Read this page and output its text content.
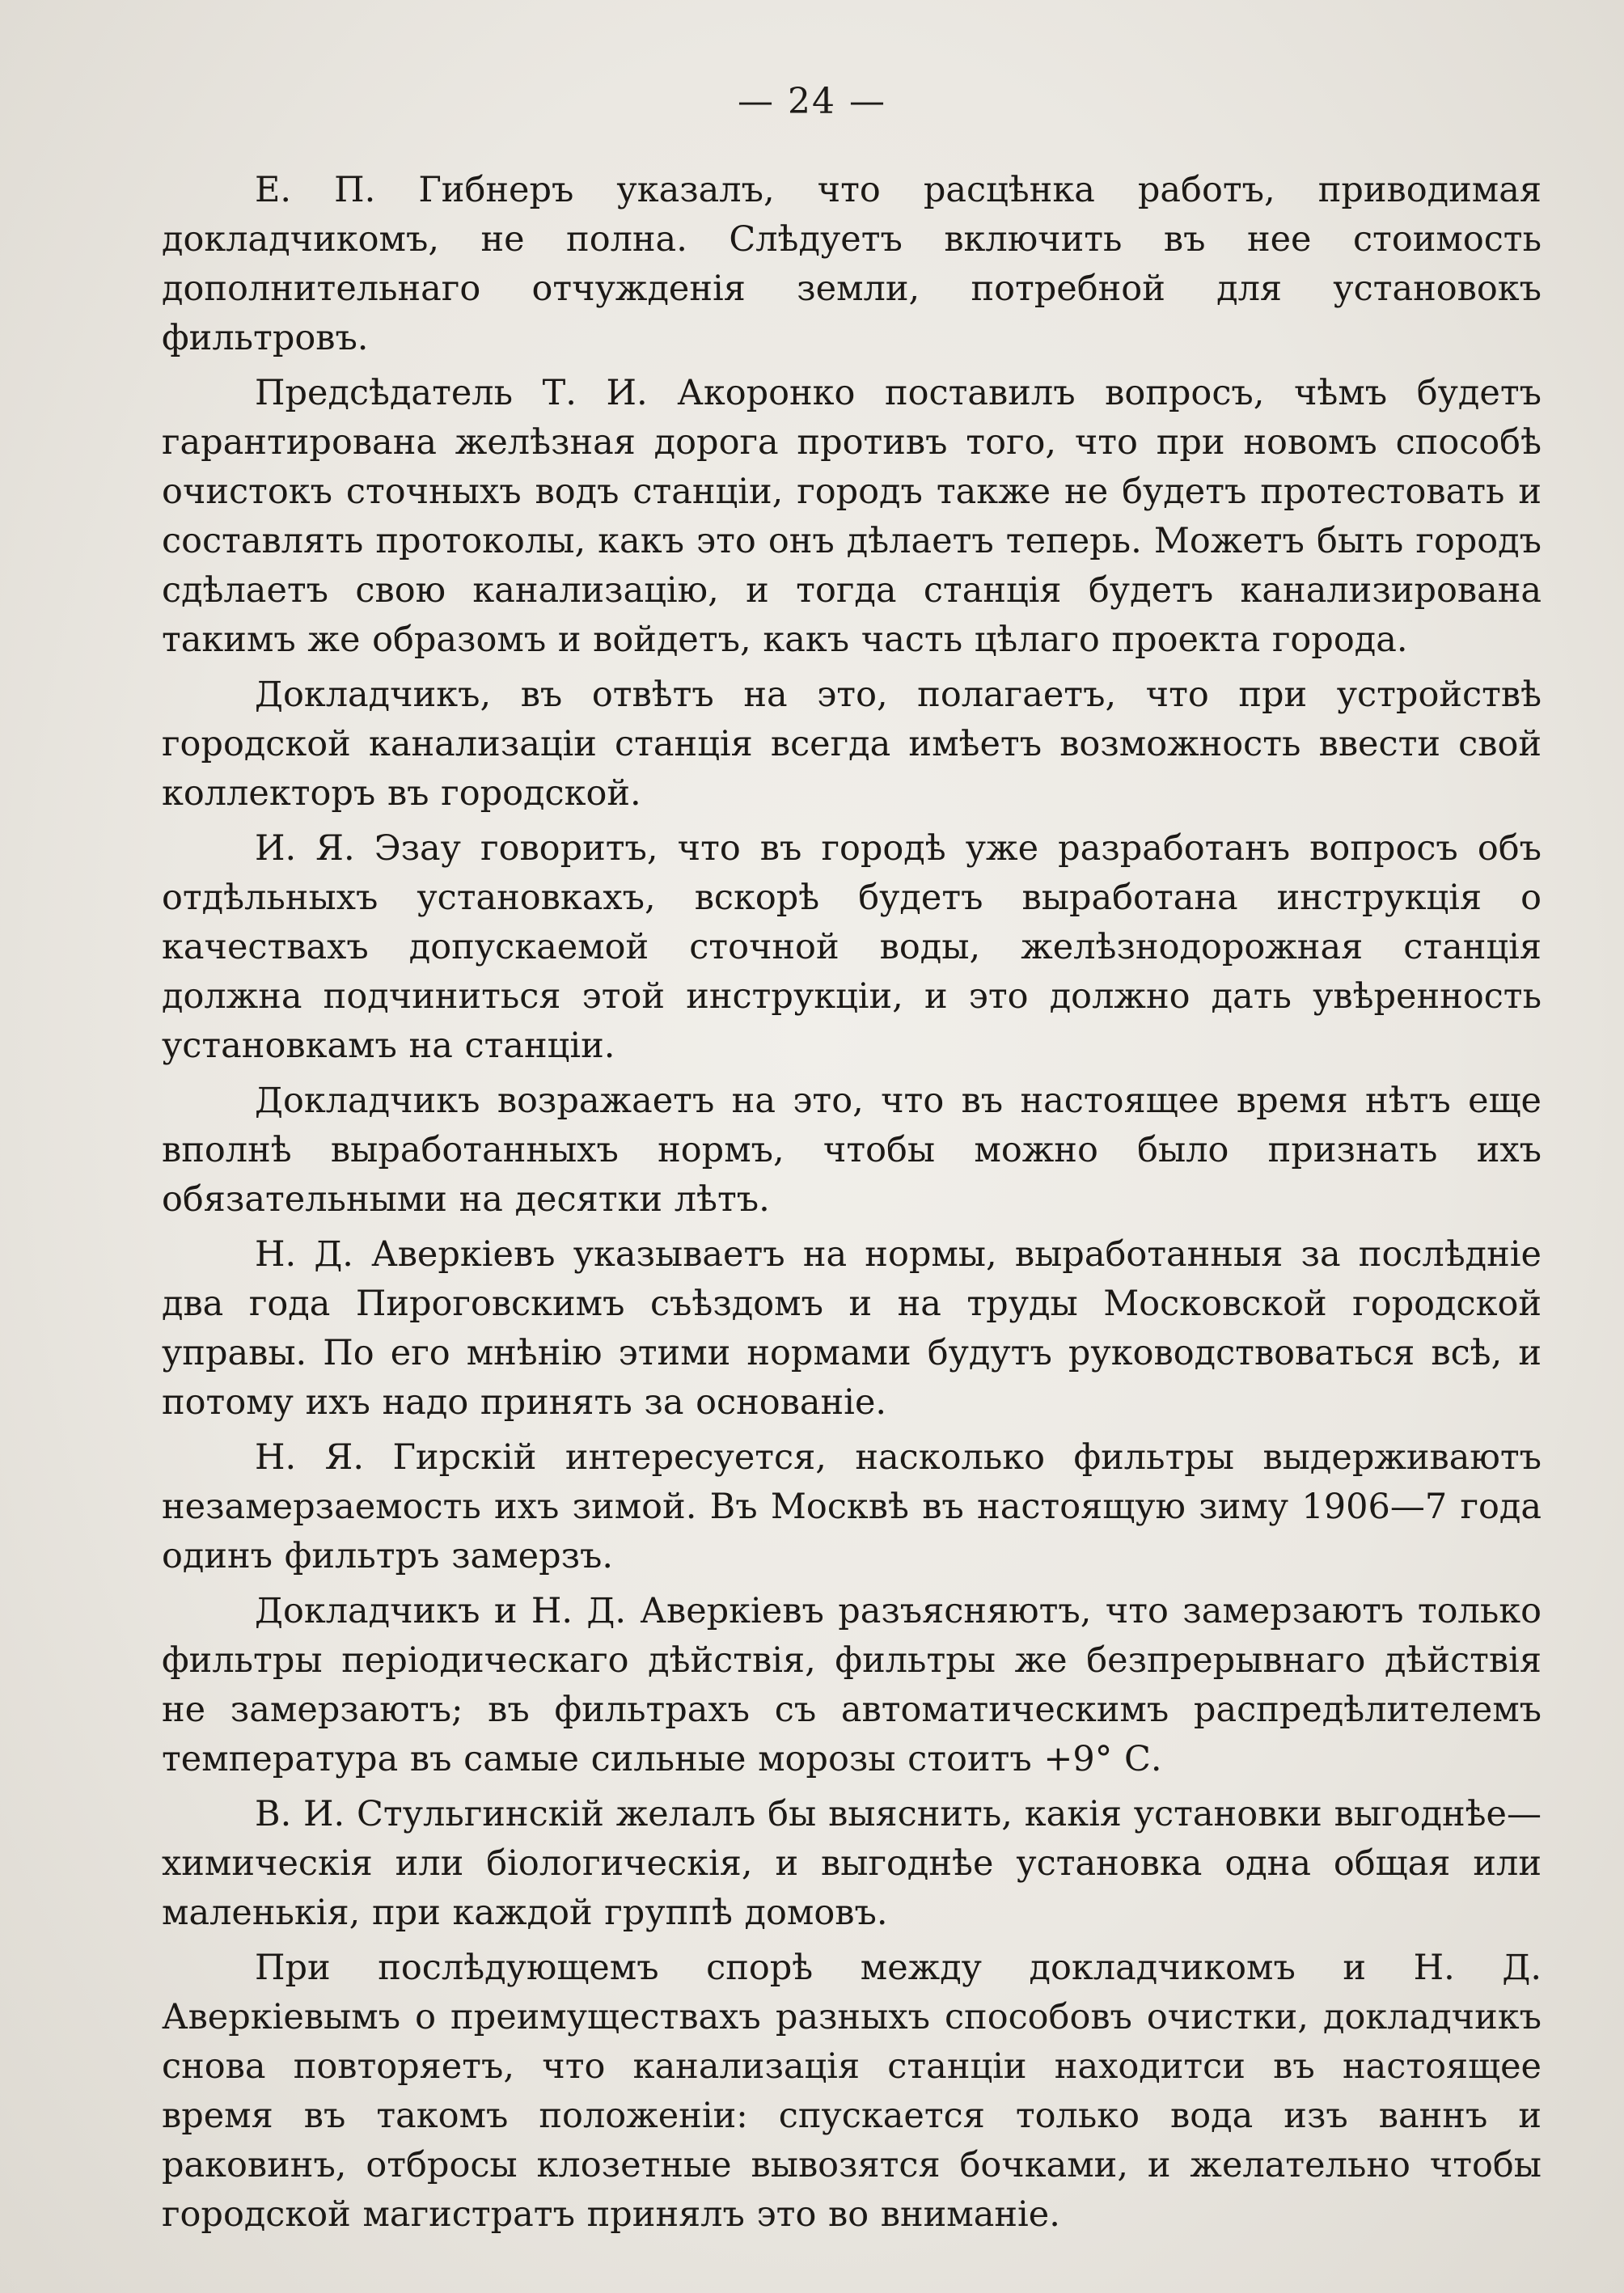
— 24 —

Е. П. Гибнеръ указалъ, что расцѣнка работъ, приводимая докладчикомъ, не полна. Слѣдуетъ включить въ нее стоимость дополнительнаго отчужденія земли, потребной для установокъ фильтровъ.

Предсѣдатель Т. И. Акоронко поставилъ вопросъ, чѣмъ будетъ гарантирована желѣзная дорога противъ того, что при новомъ способѣ очистокъ сточныхъ водъ станціи, городъ также не будетъ протестовать и составлять протоколы, какъ это онъ дѣлаетъ теперь. Можетъ быть городъ сдѣлаетъ свою канализацію, и тогда станція будетъ канализирована такимъ же образомъ и войдетъ, какъ часть цѣлаго проекта города.

Докладчикъ, въ отвѣтъ на это, полагаетъ, что при устройствѣ городской канализаціи станція всегда имѣетъ возможность ввести свой коллекторъ въ городской.

И. Я. Эзау говоритъ, что въ городѣ уже разработанъ вопросъ объ отдѣльныхъ установкахъ, вскорѣ будетъ выработана инструкція о качествахъ допускаемой сточной воды, желѣзнодорожная станція должна подчиниться этой инструкціи, и это должно дать увѣренность установкамъ на станціи.

Докладчикъ возражаетъ на это, что въ настоящее время нѣтъ еще вполнѣ выработанныхъ нормъ, чтобы можно было признать ихъ обязательными на десятки лѣтъ.

Н. Д. Аверкіевъ указываетъ на нормы, выработанныя за послѣдніе два года Пироговскимъ съѣздомъ и на труды Московской городской управы. По его мнѣнію этими нормами будутъ руководствоваться всѣ, и потому ихъ надо принять за основаніе.

Н. Я. Гирскій интересуется, насколько фильтры выдерживаютъ незамерзаемость ихъ зимой. Въ Москвѣ въ настоящую зиму 1906—7 года одинъ фильтръ замерзъ.

Докладчикъ и Н. Д. Аверкіевъ разъясняютъ, что замерзаютъ только фильтры періодическаго дѣйствія, фильтры же безпрерывнаго дѣйствія не замерзаютъ; въ фильтрахъ съ автоматическимъ распредѣлителемъ температура въ самые сильные морозы стоитъ +9° С.

В. И. Стульгинскій желалъ бы выяснить, какія установки выгоднѣе—химическія или біологическія, и выгоднѣе установка одна общая или маленькія, при каждой группѣ домовъ.

При послѣдующемъ спорѣ между докладчикомъ и Н. Д. Аверкіевымъ о преимуществахъ разныхъ способовъ очистки, докладчикъ снова повторяетъ, что канализація станціи находитси въ настоящее время въ такомъ положеніи: спускается только вода изъ ваннъ и раковинъ, отбросы клозетные вывозятся бочками, и желательно чтобы городской магистратъ принялъ это во вниманіе.
